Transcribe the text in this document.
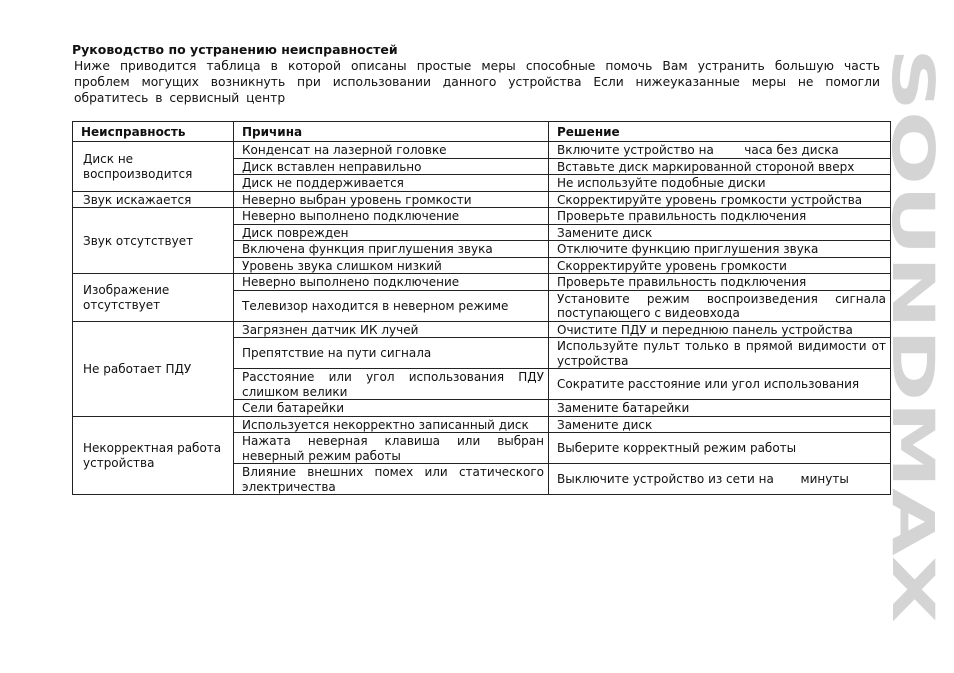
Руководство по устранению неисправностей
Ниже приводится таблица в которой описаны простые меры способные помочь Вам устранить большую часть проблем могущих возникнуть при использовании данного устройства Если нижеуказанные меры не помогли обратитесь в сервисный центр	SOUNDMAX
Неисправность	Причина	Решение
Диск не воспроизводится	Конденсат на лазерной головке	Включите устройство на        часа без диска
	Диск вставлен неправильно	Вставьте диск маркированной стороной вверх
	Диск не поддерживается	Не используйте подобные диски
Звук искажается	Неверно выбран уровень громкости	Скорректируйте уровень громкости устройства
Звук отсутствует	Неверно выполнено подключение	Проверьте правильность подключения
	Диск поврежден	Замените диск
	Включена функция приглушения звука	Отключите функцию приглушения звука
	Уровень звука слишком низкий	Скорректируйте уровень громкости
Изображение отсутствует	Неверно выполнено подключение	Проверьте правильность подключения
	Телевизор находится в неверном режиме	Установите режим воспроизведения сигнала поступающего с видеовхода
Не работает ПДУ	Загрязнен датчик ИК лучей	Очистите ПДУ и переднюю панель устройства
	Препятствие на пути сигнала	Используйте пульт только в прямой видимости от устройства
	Расстояние или угол использования ПДУ слишком велики	Сократите расстояние или угол использования
	Сели батарейки	Замените батарейки
Некорректная работа устройства	Используется некорректно записанный диск	Замените диск
	Нажата неверная клавиша или выбран неверный режим работы	Выберите корректный режим работы
	Влияние внешних помех или статического электричества	Выключите устройство из сети на       минуты
